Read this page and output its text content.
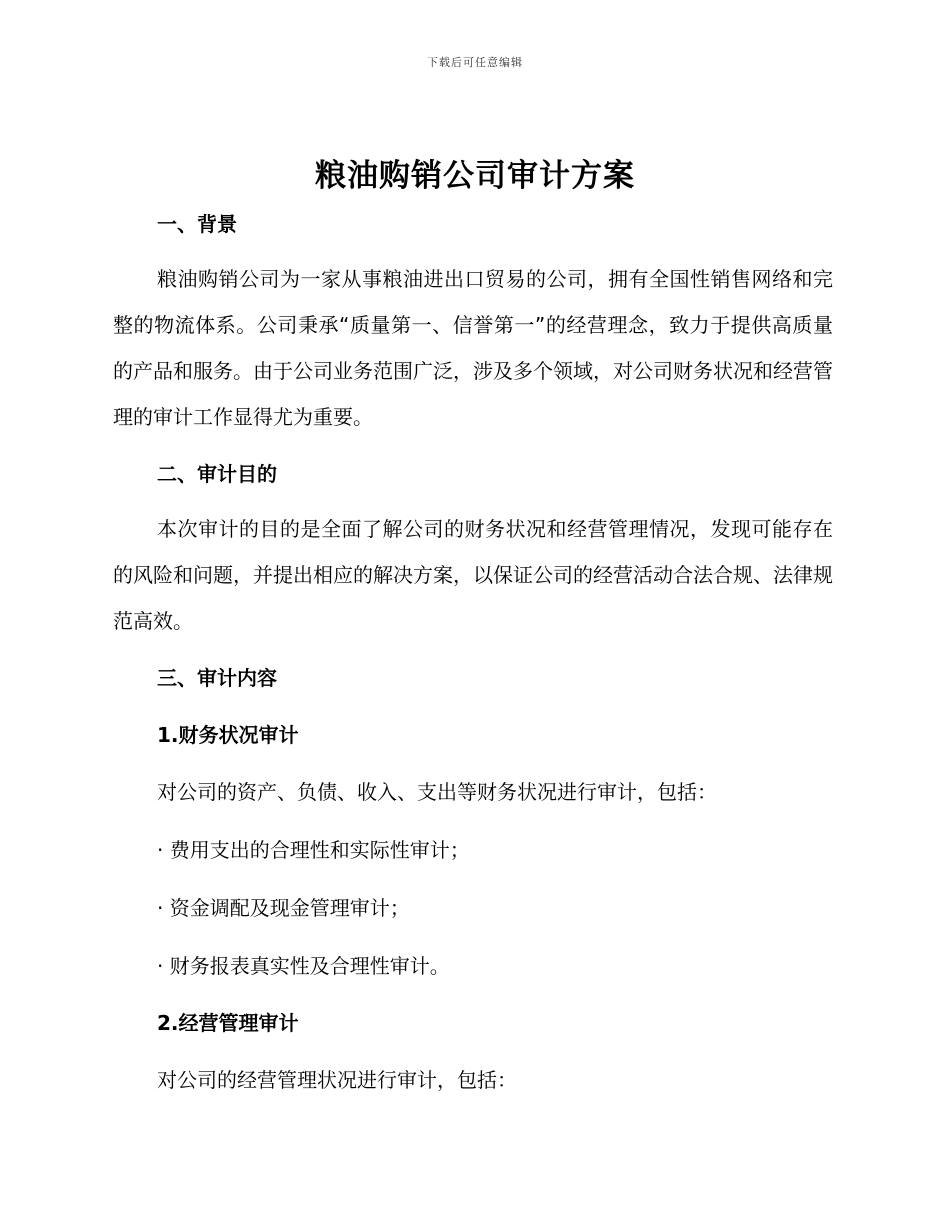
下载后可任意编辑
粮油购销公司审计方案
一、背景
粮油购销公司为一家从事粮油进出口贸易的公司，拥有全国性销售网络和完整的物流体系。公司秉承“质量第一、信誉第一”的经营理念，致力于提供高质量的产品和服务。由于公司业务范围广泛，涉及多个领域，对公司财务状况和经营管理的审计工作显得尤为重要。
二、审计目的
本次审计的目的是全面了解公司的财务状况和经营管理情况，发现可能存在的风险和问题，并提出相应的解决方案，以保证公司的经营活动合法合规、法律规范高效。
三、审计内容
1.财务状况审计
对公司的资产、负债、收入、支出等财务状况进行审计，包括：
· 费用支出的合理性和实际性审计；
· 资金调配及现金管理审计；
· 财务报表真实性及合理性审计。
2.经营管理审计
对公司的经营管理状况进行审计，包括：
